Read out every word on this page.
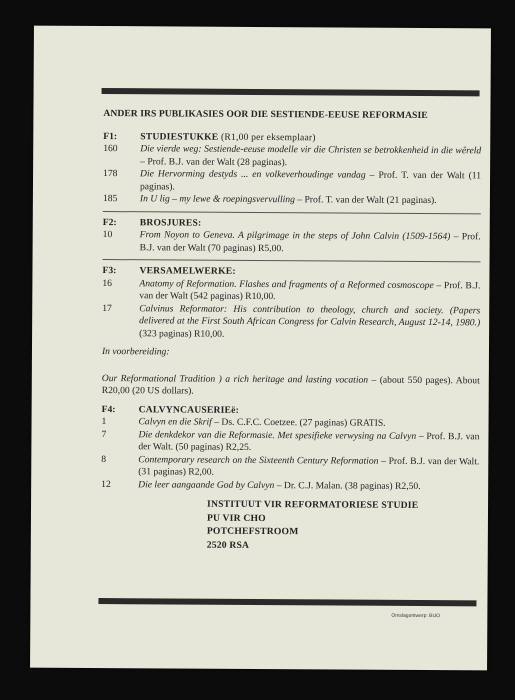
ANDER IRS PUBLIKASIES OOR DIE SESTIENDE-EEUSE REFORMASIE
F1:	STUDIESTUKKE (R1,00 per eksemplaar)
160	Die vierde weg: Sestiende-eeuse modelle vir die Christen se betrokkenheid in die wêreld – Prof. B.J. van der Walt (28 paginas).
178	Die Hervorming destyds ... en volkeverhoudinge vandag – Prof. T. van der Walt (11 paginas).
185	In U lig – my lewe & roepingsvervulling – Prof. T. van der Walt (21 paginas).
F2:	BROSJURES:
10	From Noyon to Geneva. A pilgrimage in the steps of John Calvin (1509-1564) – Prof. B.J. van der Walt (70 paginas) R5,00.
F3:	VERSAMELWERKE:
16	Anatomy of Reformation. Flashes and fragments of a Reformed cosmoscope – Prof. B.J. van der Walt (542 paginas) R10,00.
17	Calvinus Reformator: His contribution to theology, church and society. (Papers delivered at the First South African Congress for Calvin Research, August 12-14, 1980.) (323 paginas) R10,00.
In voorbereiding:
Our Reformational Tradition ) a rich heritage and lasting vocation – (about 550 pages). About R20,00 (20 US dollars).
F4:	CALVYNCAUSERIEë:
1	Calvyn en die Skrif – Ds. C.F.C. Coetzee. (27 paginas) GRATIS.
7	Die denkdekor van die Reformasie. Met spesifieke verwysing na Calvyn – Prof. B.J. van der Walt. (50 paginas) R2,25.
8	Contemporary research on the Sixteenth Century Reformation – Prof. B.J. van der Walt. (31 paginas) R2,00.
12	Die leer aangaande God by Calvyn – Dr. C.J. Malan. (38 paginas) R2,50.
INSTITUUT VIR REFORMATORIESE STUDIE
PU VIR CHO
POTCHEFSTROOM
2520 RSA
Omslagontwerp: BUO
